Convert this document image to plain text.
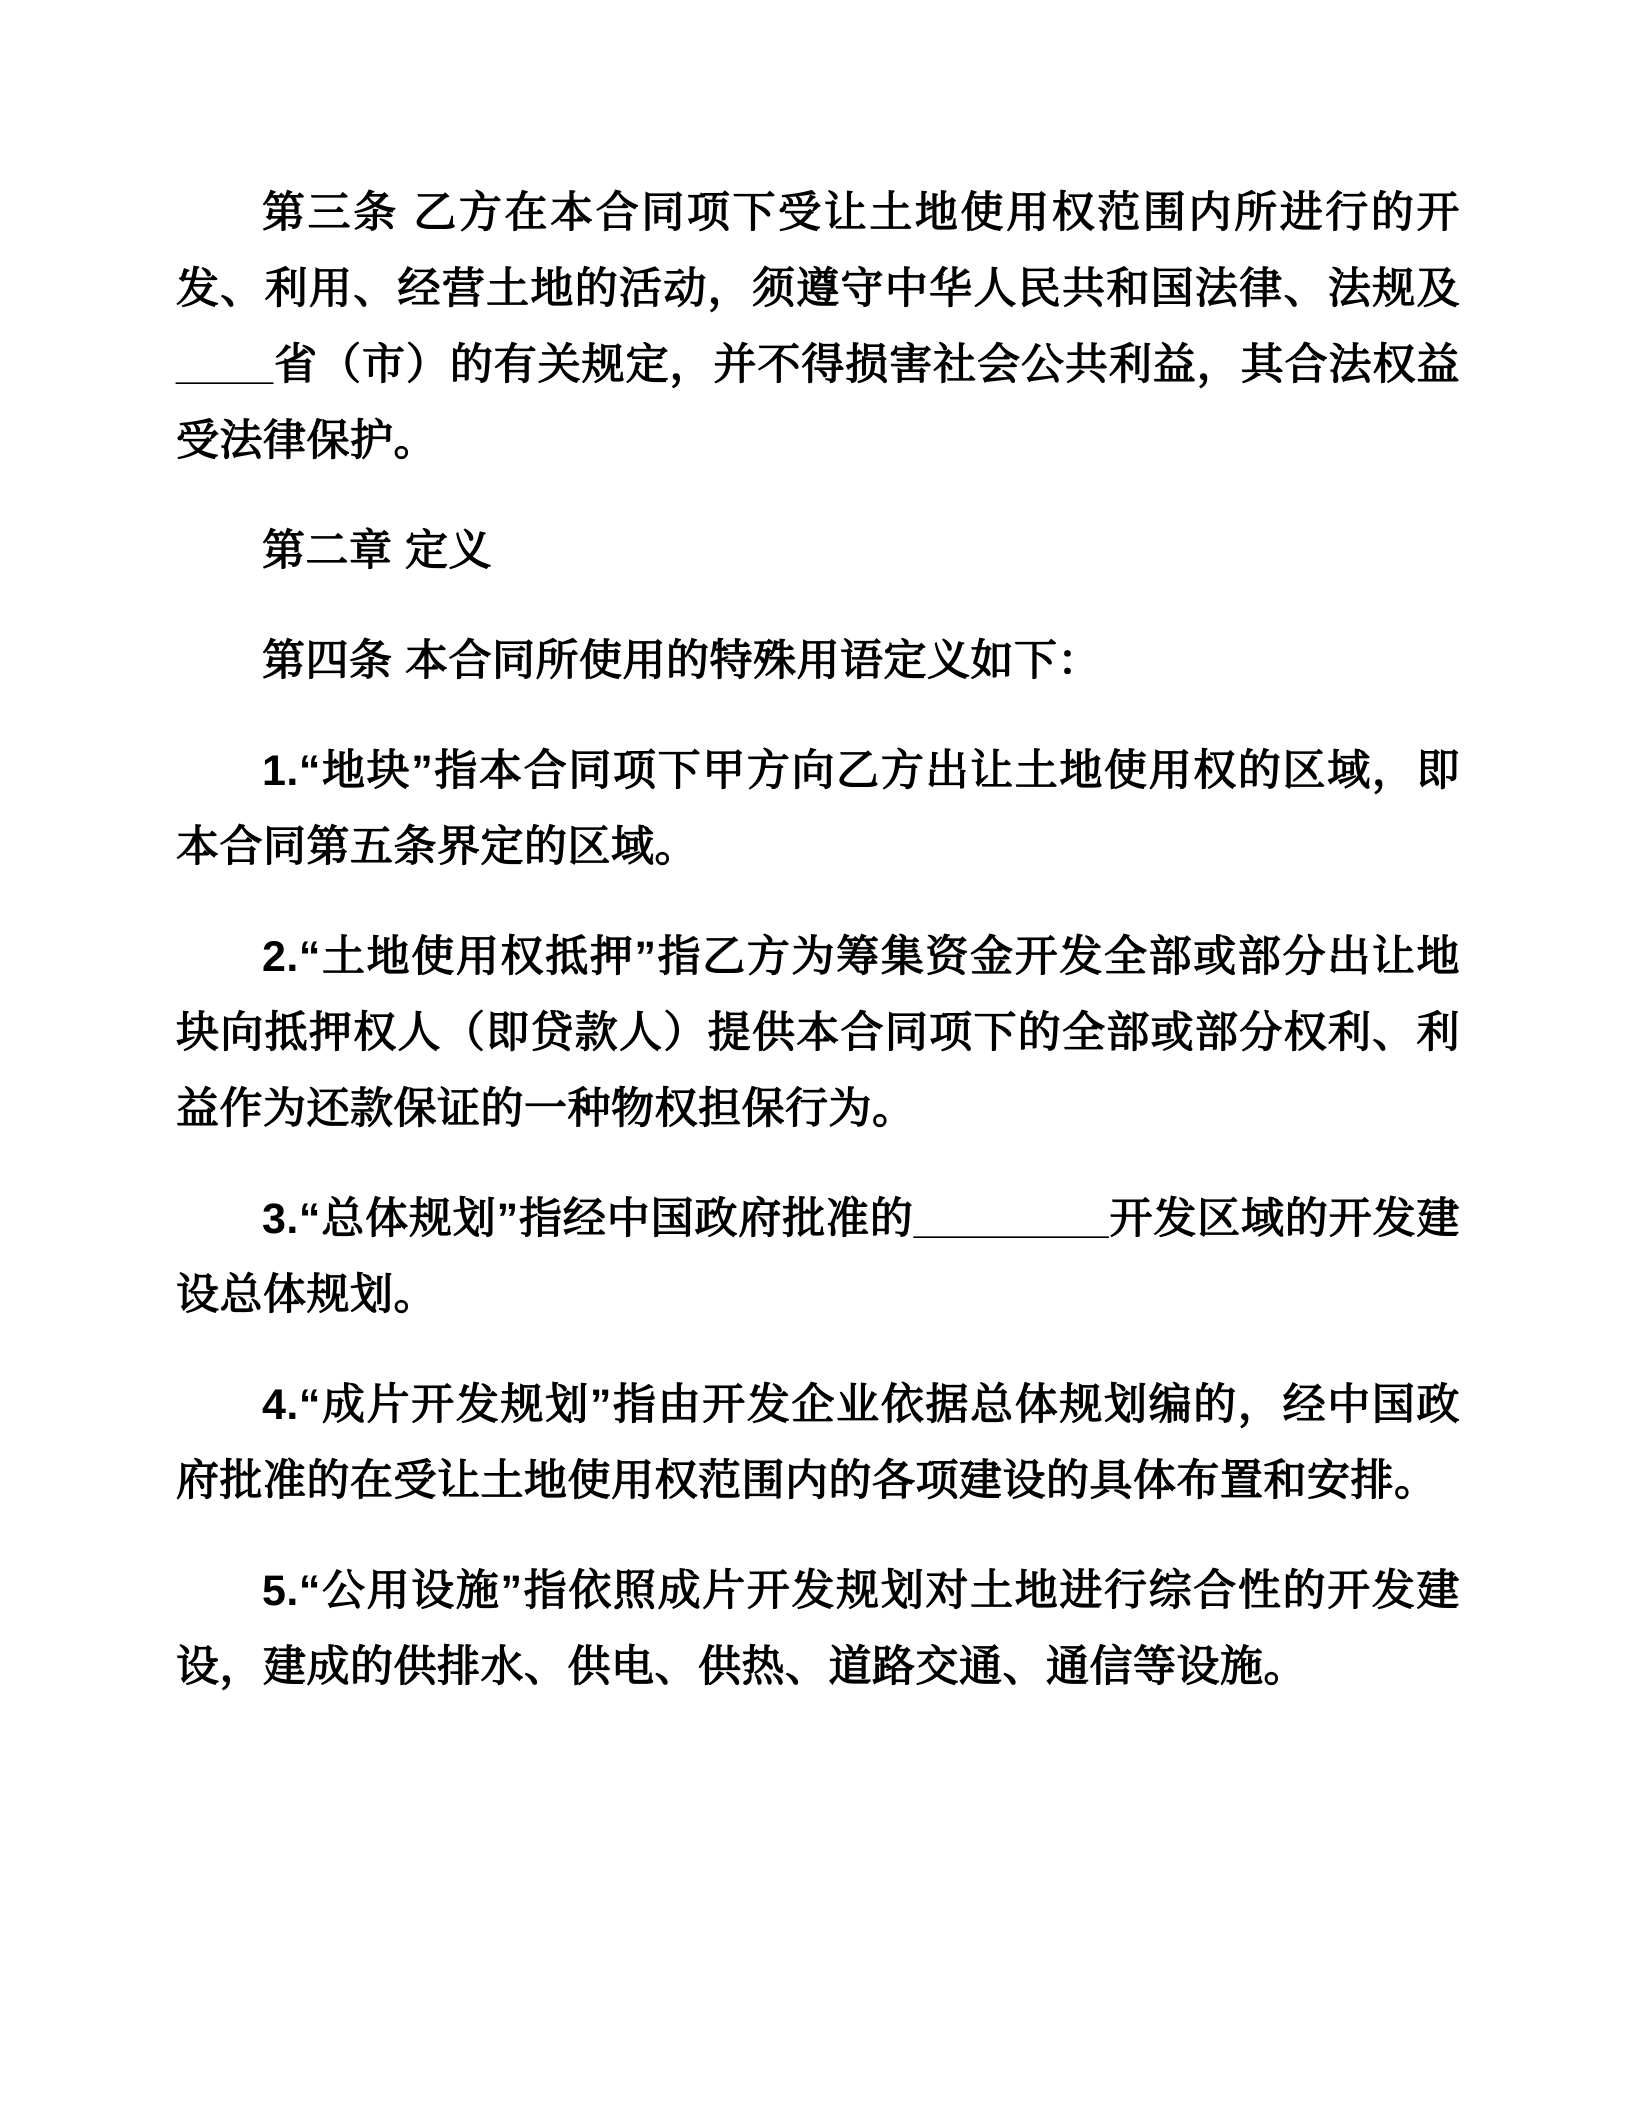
第三条 乙方在本合同项下受让土地使用权范围内所进行的开发、利用、经营土地的活动，须遵守中华人民共和国法律、法规及____省（市）的有关规定，并不得损害社会公共利益，其合法权益受法律保护。

第二章 定义

第四条 本合同所使用的特殊用语定义如下：

1.“地块”指本合同项下甲方向乙方出让土地使用权的区域，即本合同第五条界定的区域。

2.“土地使用权抵押”指乙方为筹集资金开发全部或部分出让地块向抵押权人（即贷款人）提供本合同项下的全部或部分权利、利益作为还款保证的一种物权担保行为。

3.“总体规划”指经中国政府批准的________开发区域的开发建设总体规划。

4.“成片开发规划”指由开发企业依据总体规划编的，经中国政府批准的在受让土地使用权范围内的各项建设的具体布置和安排。

5.“公用设施”指依照成片开发规划对土地进行综合性的开发建设，建成的供排水、供电、供热、道路交通、通信等设施。
